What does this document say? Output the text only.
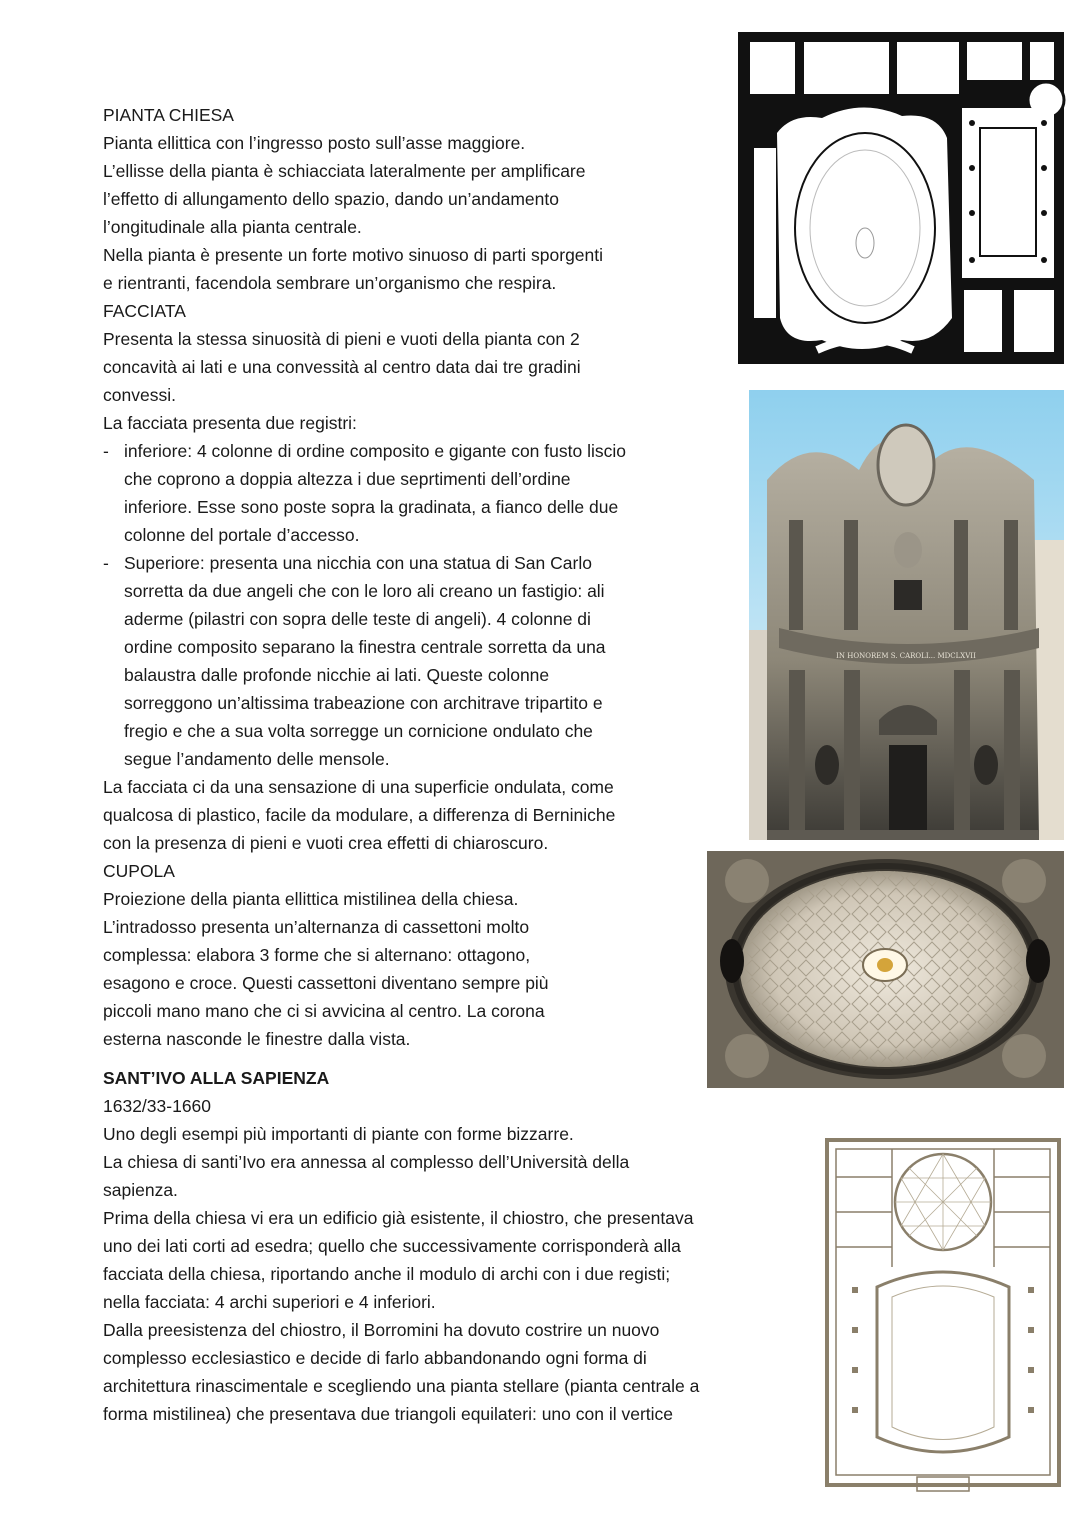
PIANTA CHIESA

Pianta ellittica con l’ingresso posto sull’asse maggiore.

L’ellisse della pianta è schiacciata lateralmente per amplificare

l’effetto di allungamento dello spazio, dando un’andamento

l’ongitudinale alla pianta centrale.

Nella pianta è presente un forte motivo sinuoso di parti sporgenti

e rientranti, facendola sembrare un’organismo che respira.

FACCIATA

Presenta la stessa sinuosità di pieni e vuoti della pianta con 2

concavità ai lati e una convessità al centro data dai tre gradini

convessi.

La facciata presenta due registri:

- inferiore: 4 colonne di ordine composito e gigante con fusto liscio

che coprono a doppia altezza i due seprtimenti dell’ordine

inferiore. Esse sono poste sopra la gradinata, a fianco delle due

colonne del portale d’accesso.

- Superiore: presenta una nicchia con una statua di San Carlo

sorretta da due angeli che con le loro ali creano un fastigio: ali

aderme (pilastri con sopra delle teste di angeli). 4 colonne di

ordine composito separano la finestra centrale sorretta da una

balaustra dalle profonde nicchie ai lati. Queste colonne

sorreggono un’altissima trabeazione con architrave tripartito e

fregio e che a sua volta sorregge un cornicione ondulato che

segue l’andamento delle mensole.

La facciata ci da una sensazione di una superficie ondulata, come

qualcosa di plastico, facile da modulare, a differenza di Berniniche

con la presenza di pieni e vuoti crea effetti di chiaroscuro.

CUPOLA

Proiezione della pianta ellittica mistilinea della chiesa.

L’intradosso presenta un’alternanza di cassettoni molto

complessa: elabora 3 forme che si alternano: ottagono,

esagono e croce. Questi cassettoni diventano sempre più

piccoli mano mano che ci si avvicina al centro. La corona

esterna nasconde le finestre dalla vista.

SANT’IVO ALLA SAPIENZA

1632/33-1660

Uno degli esempi più importanti di piante con forme bizzarre.

La chiesa di santi’Ivo era annessa al complesso dell’Università della

sapienza.

Prima della chiesa vi era un edificio già esistente, il chiostro, che presentava

uno dei lati corti ad esedra; quello che successivamente corrisponderà alla

facciata della chiesa, riportando anche il modulo di archi con i due registi;

nella facciata: 4 archi superiori e 4 inferiori.

Dalla preesistenza del chiostro, il Borromini ha dovuto costrire un nuovo

complesso ecclesiastico e decide di farlo abbandonando ogni forma di

architettura rinascimentale e scegliendo una pianta stellare (pianta centrale a

forma mistilinea) che presentava due triangoli equilateri: uno con il vertice

IN HONOREM S. CAROLI... MDCLXVII
